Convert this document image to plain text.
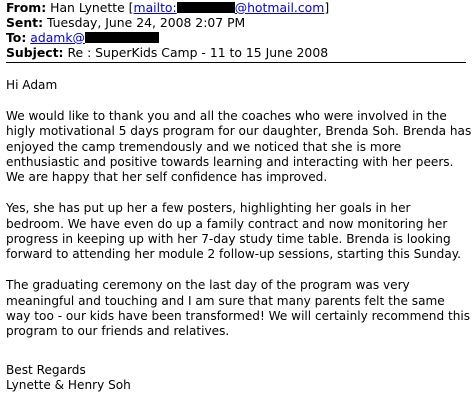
From: Han Lynette [mailto:	@hotmail.com]
Sent: Tuesday, June 24, 2008 2:07 PM
To: adamk@
Subject: Re : SuperKids Camp - 11 to 15 June 2008

Hi Adam

We would like to thank you and all the coaches who were involved in the higly motivational 5 days program for our daughter, Brenda Soh. Brenda has enjoyed the camp tremendously and we noticed that she is more enthusiastic and positive towards learning and interacting with her peers. We are happy that her self confidence has improved.

Yes, she has put up her a few posters, highlighting her goals in her bedroom. We have even do up a family contract and now monitoring her progress in keeping up with her 7-day study time table. Brenda is looking forward to attending her module 2 follow-up sessions, starting this Sunday.

The graduating ceremony on the last day of the program was very meaningful and touching and I am sure that many parents felt the same way too - our kids have been transformed! We will certainly recommend this program to our friends and relatives.

Best Regards
Lynette & Henry Soh
